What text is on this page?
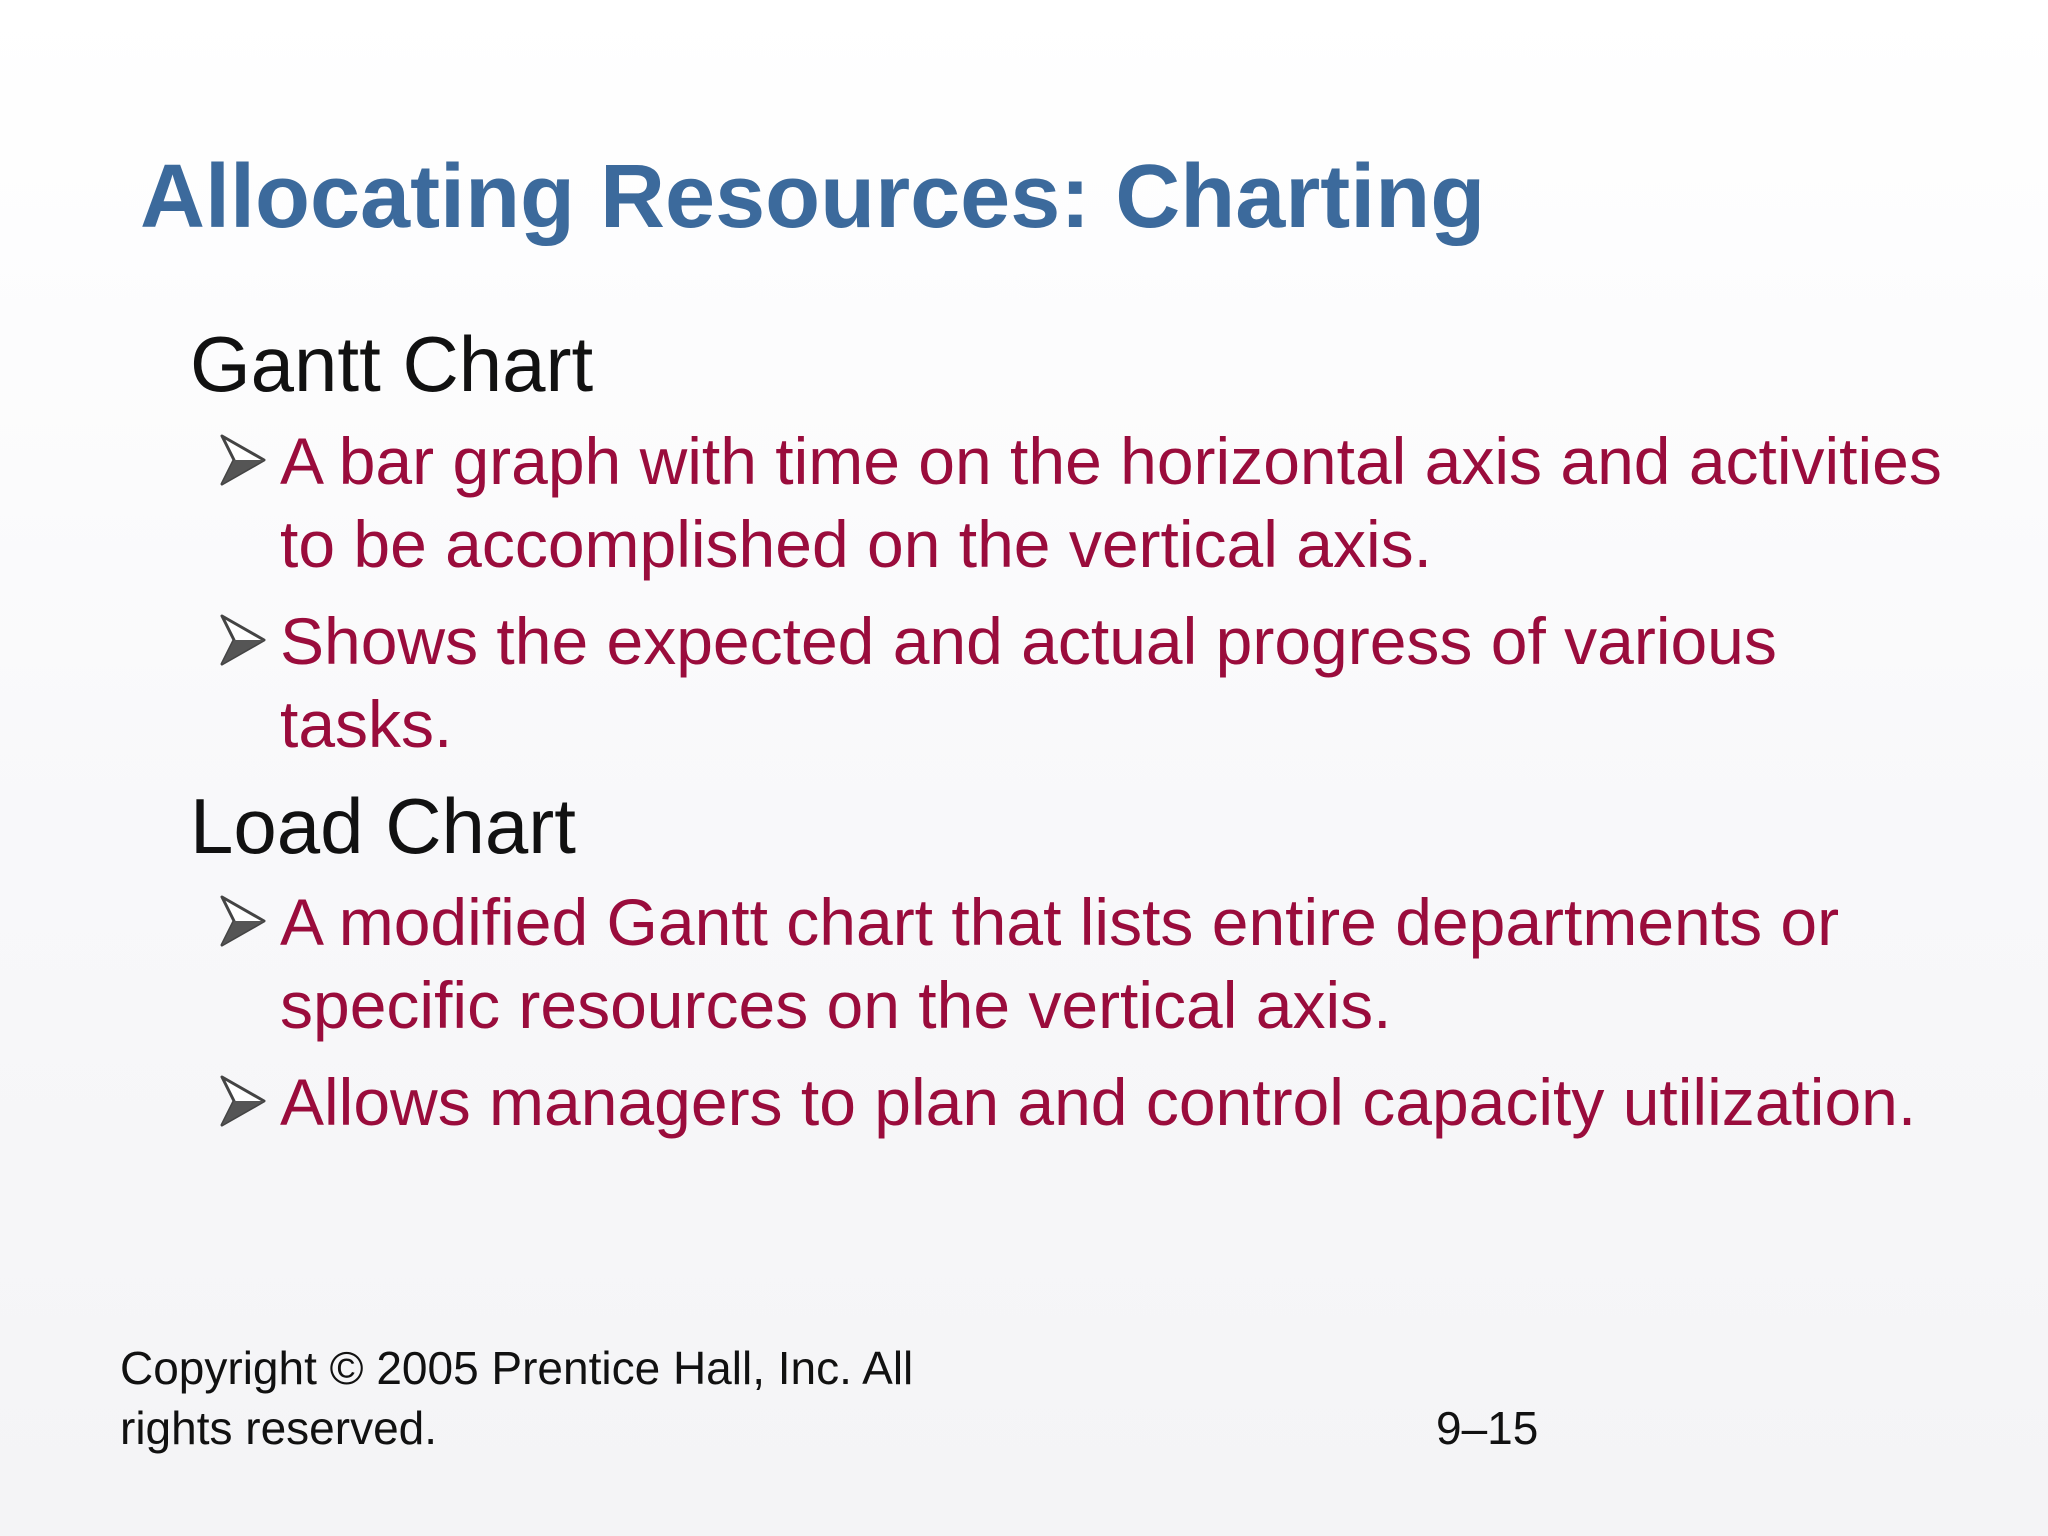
Allocating Resources: Charting
Gantt Chart
A bar graph with time on the horizontal axis and activities to be accomplished on the vertical axis.
Shows the expected and actual progress of various tasks.
Load Chart
A modified Gantt chart that lists entire departments or specific resources on the vertical axis.
Allows managers to plan and control capacity utilization.
Copyright © 2005 Prentice Hall, Inc. All
rights reserved.	9–15
